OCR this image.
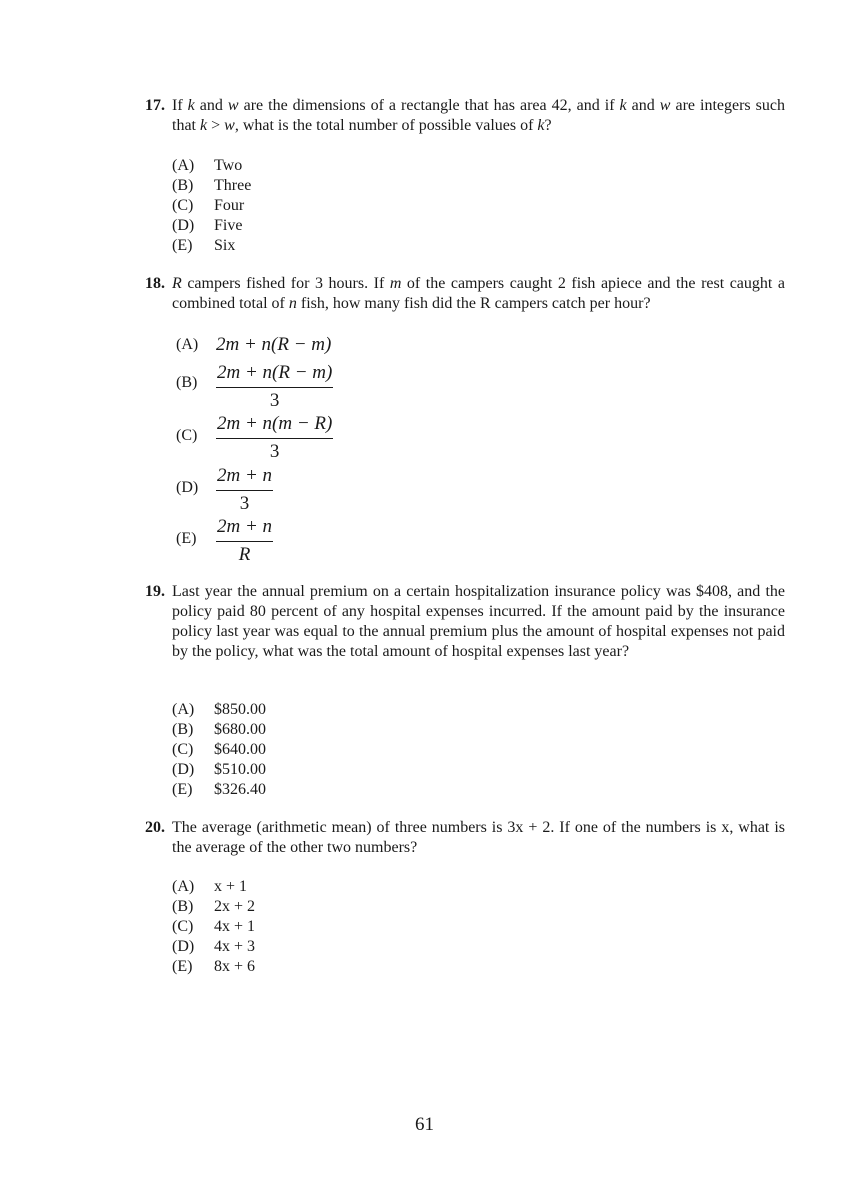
17. If k and w are the dimensions of a rectangle that has area 42, and if k and w are integers such that k > w, what is the total number of possible values of k?
(A) Two
(B) Three
(C) Four
(D) Five
(E) Six
18. R campers fished for 3 hours. If m of the campers caught 2 fish apiece and the rest caught a combined total of n fish, how many fish did the R campers catch per hour?
(A) 2m + n(R − m)
$(B) \frac{2m + n(R - m)}{3}$
$(C) \frac{2m + n(m - R)}{3}$
$(D) \frac{2m + n}{3}$
(E)	$\frac{2m + n}{R}$
19. Last year the annual premium on a certain hospitalization insurance policy was $408, and the policy paid 80 percent of any hospital expenses incurred. If the amount paid by the insurance policy last year was equal to the annual premium plus the amount of hospital expenses not paid by the policy, what was the total amount of hospital expenses last year?
(A) $850.00
(B) $680.00
(C) $640.00
(D) $510.00
(E) $326.40
20. The average (arithmetic mean) of three numbers is 3x + 2. If one of the numbers is x, what is the average of the other two numbers?
(A) x + 1
(B) 2x + 2
(C) 4x + 1
(D) 4x + 3
(E) 8x + 6
61
